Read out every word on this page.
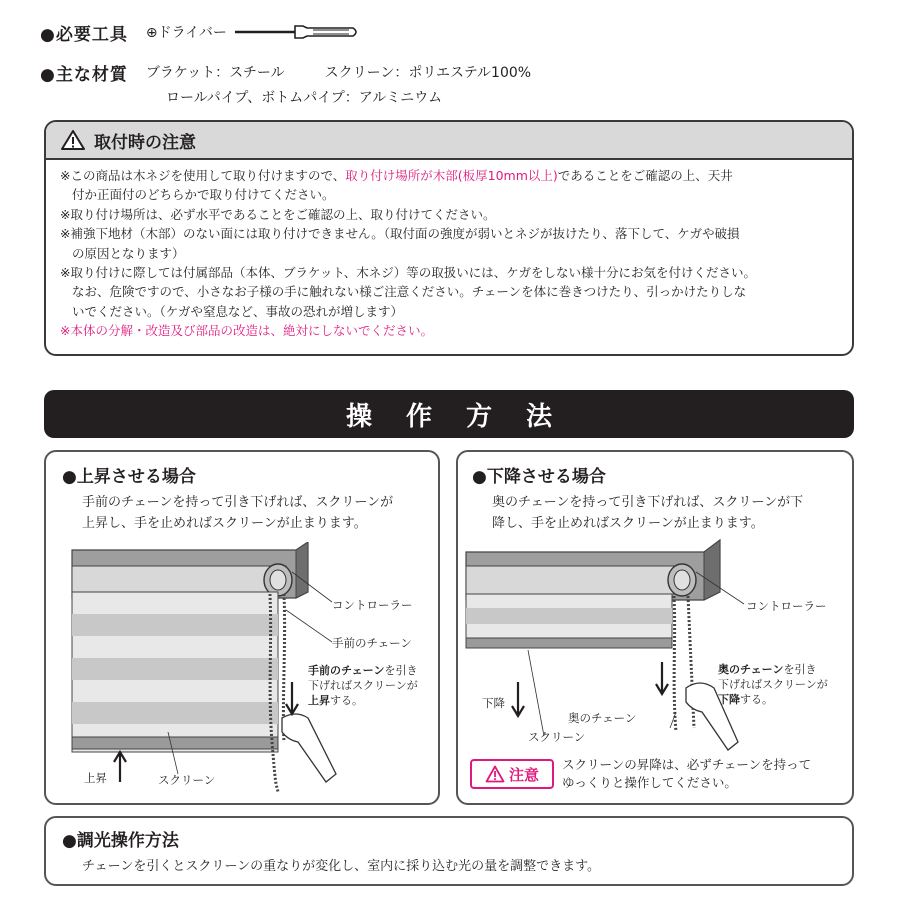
●必要工具 ⊕ドライバー
●主な材質 ブラケット：スチール	スクリーン：ポリエステル100%
ロールパイプ、ボトムパイプ：アルミニウム
取付時の注意

※この商品は木ネジを使用して取り付けますので、取り付け場所が木部(板厚10mm以上)であることをご確認の上、天井

付か正面付のどちらかで取り付けてください。

※取り付け場所は、必ず水平であることをご確認の上、取り付けてください。

※補強下地材（木部）のない面には取り付けできません。（取付面の強度が弱いとネジが抜けたり、落下して、ケガや破損

の原因となります）

※取り付けに際しては付属部品（本体、ブラケット、木ネジ）等の取扱いには、ケガをしない様十分にお気を付けください。

なお、危険ですので、小さなお子様の手に触れない様ご注意ください。チェーンを体に巻きつけたり、引っかけたりしな

いでください。（ケガや窒息など、事故の恐れが増します）

※本体の分解・改造及び部品の改造は、絶対にしないでください。

操作方法
●上昇させる場合
手前のチェーンを持って引き下げれば、スクリーンが
上昇し、手を止めればスクリーンが止まります。
コントローラー
手前のチェーン
手前のチェーンを引き
下げればスクリーンが
上昇する。
上昇	スクリーン
●下降させる場合
奥のチェーンを持って引き下げれば、スクリーンが下
降し、手を止めればスクリーンが止まります。
コントローラー
奥のチェーンを引き
下げればスクリーンが
下降する。
下降
奥のチェーン
スクリーン
注意
スクリーンの昇降は、必ずチェーンを持って
ゆっくりと操作してください。
●調光操作方法
チェーンを引くとスクリーンの重なりが変化し、室内に採り込む光の量を調整できます。
